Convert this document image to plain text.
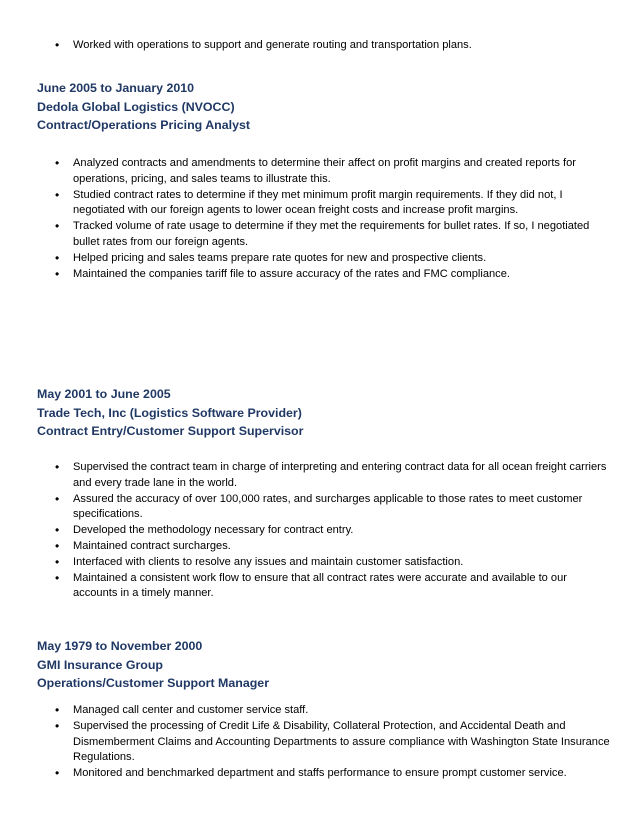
• Worked with operations to support and generate routing and transportation plans.
June 2005 to January 2010
Dedola Global Logistics (NVOCC)
Contract/Operations Pricing Analyst
• Analyzed contracts and amendments to determine their affect on profit margins and created reports for operations, pricing, and sales teams to illustrate this.
• Studied contract rates to determine if they met minimum profit margin requirements. If they did not, I negotiated with our foreign agents to lower ocean freight costs and increase profit margins.
• Tracked volume of rate usage to determine if they met the requirements for bullet rates. If so, I negotiated bullet rates from our foreign agents.
• Helped pricing and sales teams prepare rate quotes for new and prospective clients.
• Maintained the companies tariff file to assure accuracy of the rates and FMC compliance.
May 2001 to June 2005
Trade Tech, Inc (Logistics Software Provider)
Contract Entry/Customer Support Supervisor
• Supervised the contract team in charge of interpreting and entering contract data for all ocean freight carriers and every trade lane in the world.
• Assured the accuracy of over 100,000 rates, and surcharges applicable to those rates to meet customer specifications.
• Developed the methodology necessary for contract entry.
• Maintained contract surcharges.
• Interfaced with clients to resolve any issues and maintain customer satisfaction.
• Maintained a consistent work flow to ensure that all contract rates were accurate and available to our accounts in a timely manner.
May 1979 to November 2000
GMI Insurance Group
Operations/Customer Support Manager
• Managed call center and customer service staff.
• Supervised the processing of Credit Life & Disability, Collateral Protection, and Accidental Death and Dismemberment Claims and Accounting Departments to assure compliance with Washington State Insurance Regulations.
• Monitored and benchmarked department and staffs performance to ensure prompt customer service.
